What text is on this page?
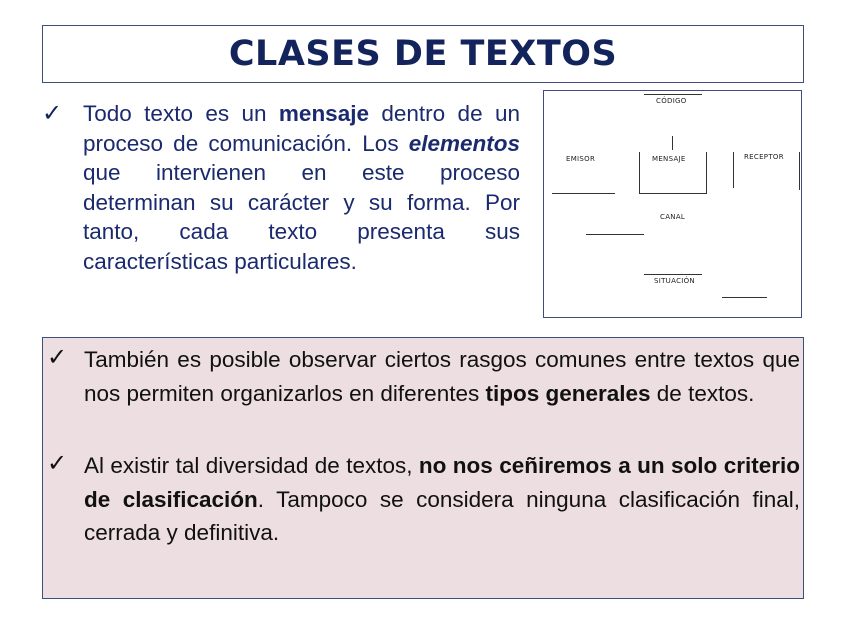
CLASES DE TEXTOS
✓ Todo texto es un mensaje dentro de un proceso de comunicación. Los elementos que intervienen en este proceso determinan su carácter y su forma. Por tanto, cada texto presenta sus características particulares.
CÓDIGO
EMISOR	MENSAJE	RECEPTOR
CANAL
SITUACIÓN
✓ También es posible observar ciertos rasgos comunes entre textos que nos permiten organizarlos en diferentes tipos generales de textos.
✓ Al existir tal diversidad de textos, no nos ceñiremos a un solo criterio de clasificación. Tampoco se considera ninguna clasificación final, cerrada y definitiva.
